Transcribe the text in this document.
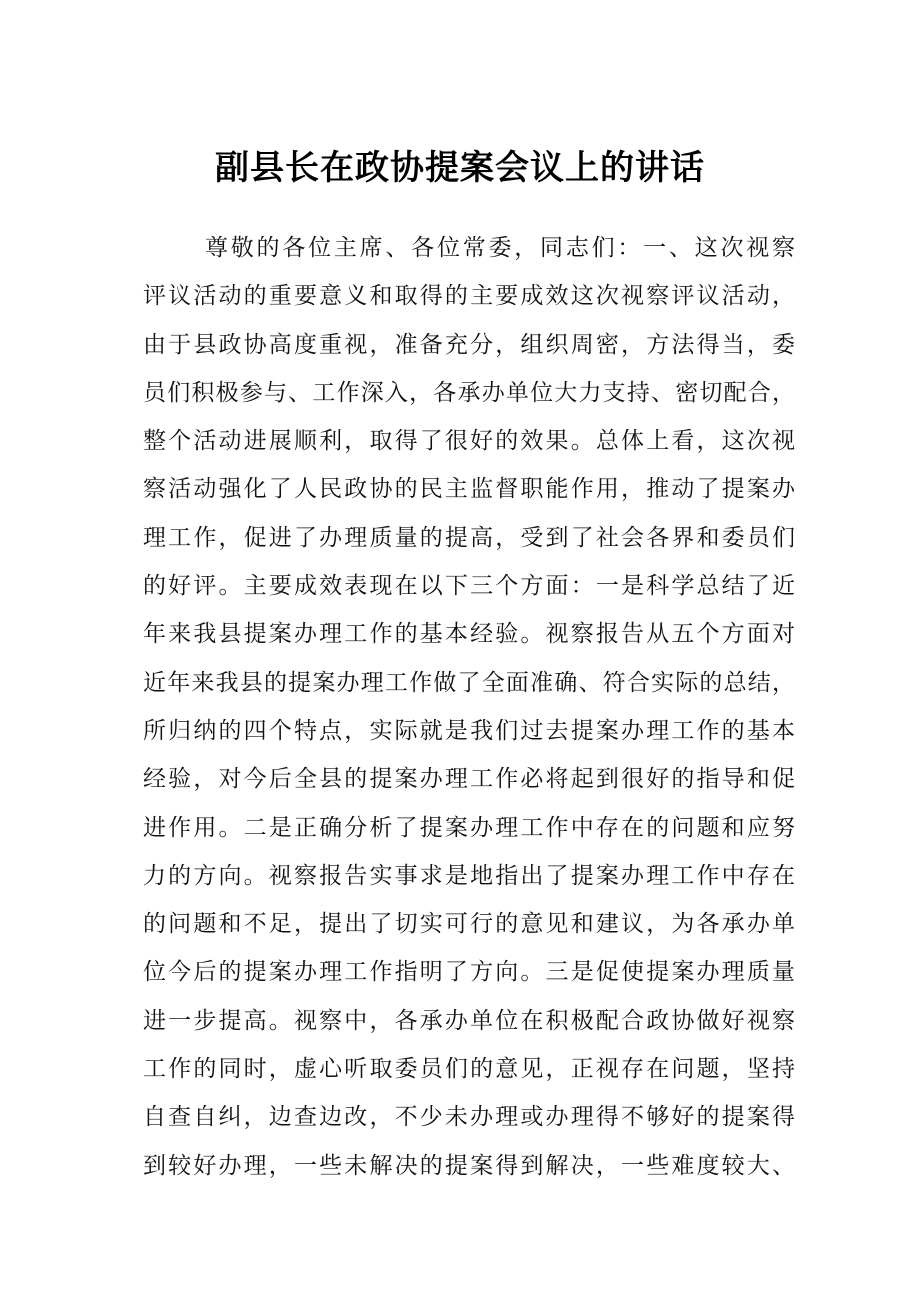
副县长在政协提案会议上的讲话
尊敬的各位主席、各位常委，同志们：一、这次视察
评议活动的重要意义和取得的主要成效这次视察评议活动，
由于县政协高度重视，准备充分，组织周密，方法得当，委
员们积极参与、工作深入，各承办单位大力支持、密切配合，
整个活动进展顺利，取得了很好的效果。总体上看，这次视
察活动强化了人民政协的民主监督职能作用，推动了提案办
理工作，促进了办理质量的提高，受到了社会各界和委员们
的好评。主要成效表现在以下三个方面：一是科学总结了近
年来我县提案办理工作的基本经验。视察报告从五个方面对
近年来我县的提案办理工作做了全面准确、符合实际的总结，
所归纳的四个特点，实际就是我们过去提案办理工作的基本
经验，对今后全县的提案办理工作必将起到很好的指导和促
进作用。二是正确分析了提案办理工作中存在的问题和应努
力的方向。视察报告实事求是地指出了提案办理工作中存在
的问题和不足，提出了切实可行的意见和建议，为各承办单
位今后的提案办理工作指明了方向。三是促使提案办理质量
进一步提高。视察中，各承办单位在积极配合政协做好视察
工作的同时，虚心听取委员们的意见，正视存在问题，坚持
自查自纠，边查边改，不少未办理或办理得不够好的提案得
到较好办理，一些未解决的提案得到解决，一些难度较大、
